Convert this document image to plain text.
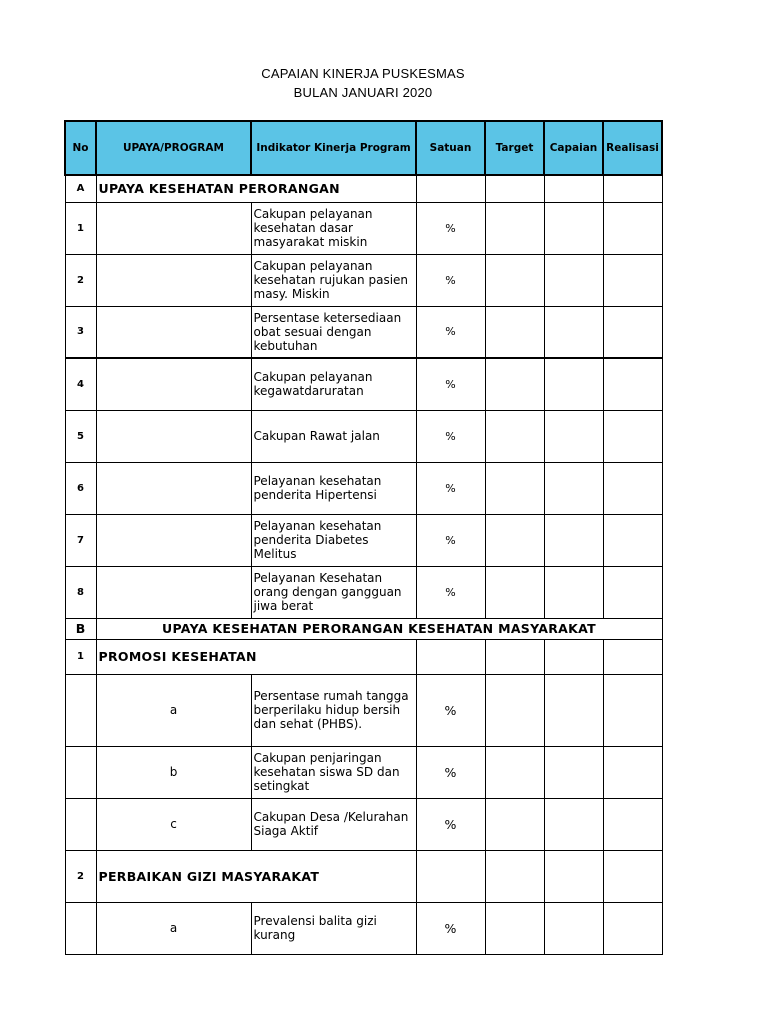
CAPAIAN KINERJA PUSKESMAS
BULAN JANUARI 2020
No	UPAYA/PROGRAM	Indikator Kinerja Program	Satuan	Target	Capaian	Realisasi
A	UPAYA KESEHATAN PERORANGAN					
1		Cakupan pelayanan kesehatan dasar masyarakat miskin	%			
2		Cakupan pelayanan kesehatan rujukan pasien masy. Miskin	%			
3		Persentase ketersediaan obat sesuai dengan kebutuhan	%			
4		Cakupan pelayanan kegawatdaruratan	%			
5		Cakupan Rawat jalan	%			
6		Pelayanan kesehatan penderita Hipertensi	%			
7		Pelayanan kesehatan penderita Diabetes Melitus	%			
8		Pelayanan Kesehatan orang dengan gangguan jiwa berat	%			
B	UPAYA KESEHATAN PERORANGAN KESEHATAN MASYARAKAT					
1	PROMOSI KESEHATAN					
	a	Persentase rumah tangga berperilaku hidup bersih dan sehat (PHBS).	%			
	b	Cakupan penjaringan kesehatan siswa SD dan setingkat	%			
	c	Cakupan Desa /Kelurahan Siaga Aktif	%			
2	PERBAIKAN GIZI MASYARAKAT					
	a	Prevalensi balita gizi kurang	%			
